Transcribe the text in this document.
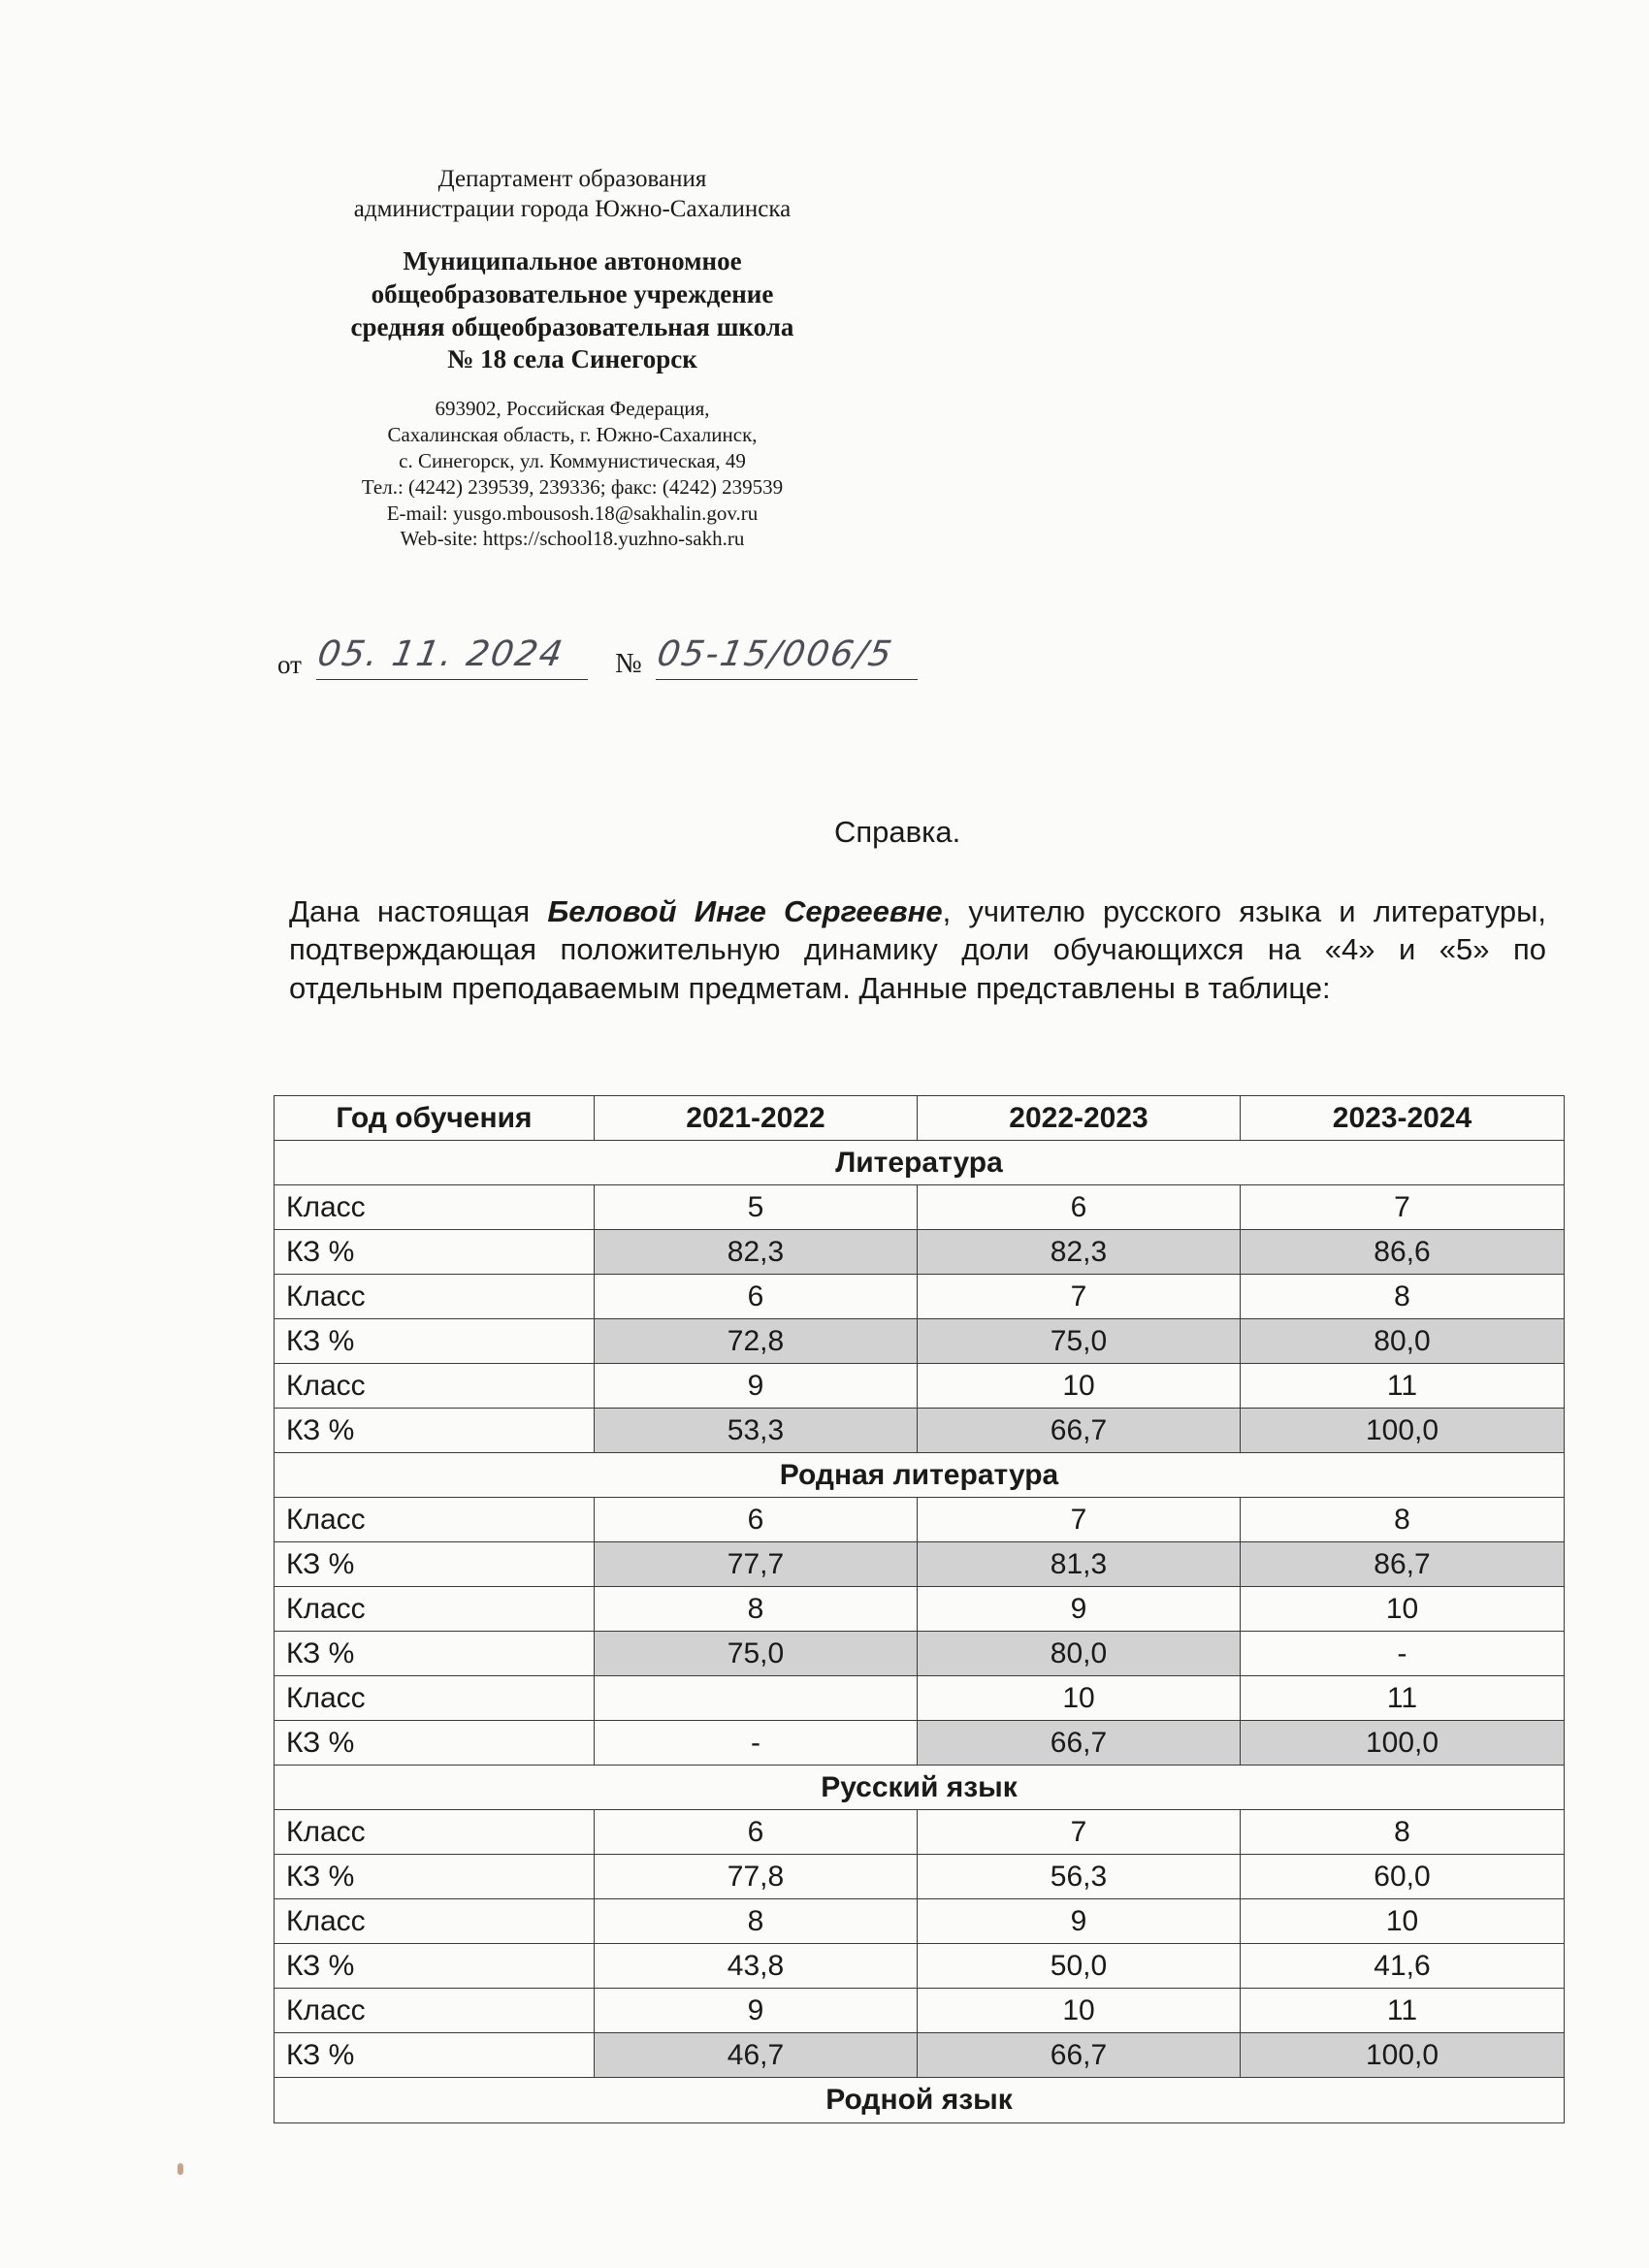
Департамент образования
администрации города Южно-Сахалинска

Муниципальное автономное
общеобразовательное учреждение
средняя общеобразовательная школа
№ 18 села Синегорск

693902, Российская Федерация,
Сахалинская область, г. Южно-Сахалинск,
с. Синегорск, ул. Коммунистическая, 49
Тел.: (4242) 239539, 239336; факс: (4242) 239539
E-mail: yusgo.mbousosh.18@sakhalin.gov.ru
Web-site: https://school18.yuzhno-sakh.ru

от 05. 11. 2024 № 05-15/006/5
Справка.

Дана настоящая Беловой Инге Сергеевне, учителю русского языка и литературы, подтверждающая положительную динамику доли обучающихся на «4» и «5» по отдельным преподаваемым предметам. Данные представлены в таблице:

Год обучения	2021-2022	2022-2023	2023-2024
Литература			
Класс	5	6	7
КЗ %	82,3	82,3	86,6
Класс	6	7	8
КЗ %	72,8	75,0	80,0
Класс	9	10	11
КЗ %	53,3	66,7	100,0
Родная литература			
Класс	6	7	8
КЗ %	77,7	81,3	86,7
Класс	8	9	10
КЗ %	75,0	80,0	-
Класс		10	11
КЗ %	-	66,7	100,0
Русский язык			
Класс	6	7	8
КЗ %	77,8	56,3	60,0
Класс	8	9	10
КЗ %	43,8	50,0	41,6
Класс	9	10	11
КЗ %	46,7	66,7	100,0
Родной язык			
